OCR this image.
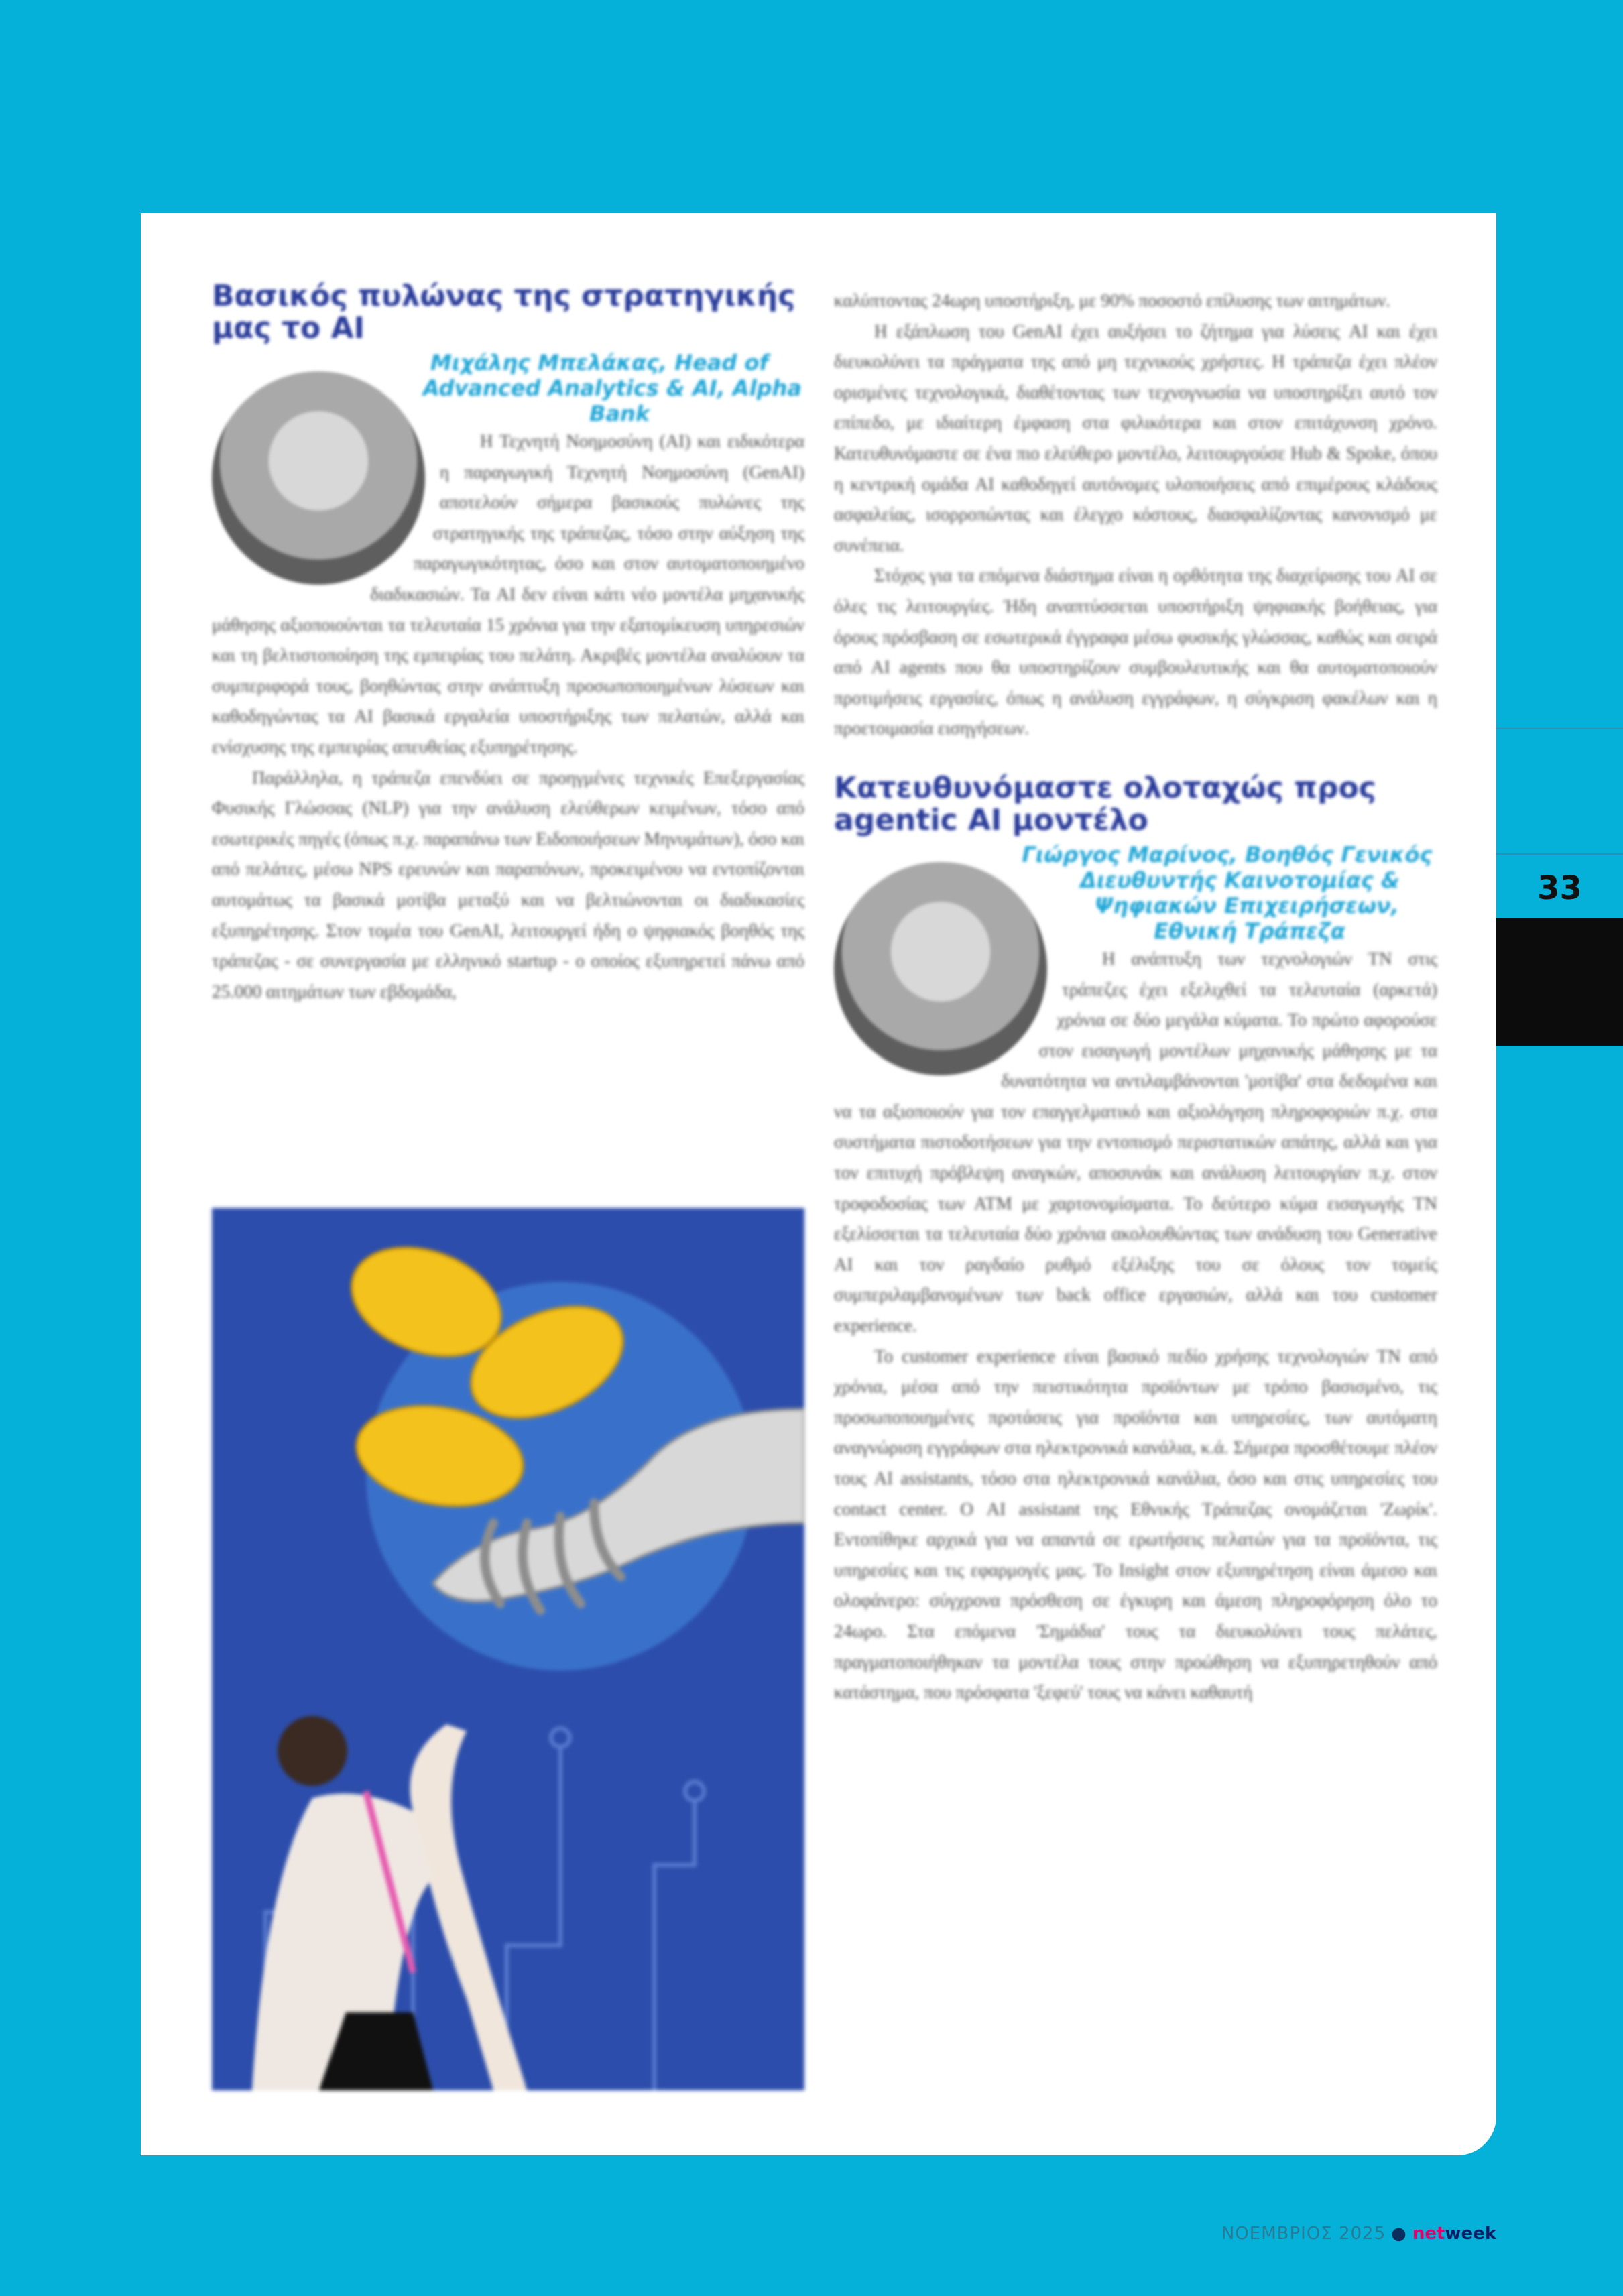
Βασικός πυλώνας της στρατηγικής μας το AI
Μιχάλης Μπελάκας, Head of Advanced Analytics & AI, Alpha Bank

Η Τεχνητή Νοημοσύνη (AI) και ειδικότερα η παραγωγική Τεχνητή Νοημοσύνη (GenAI) αποτελούν σήμερα βασικούς πυλώνες της στρατηγικής της τράπεζας, τόσο στην αύξηση της παραγωγικότητας, όσο και στον αυτοματοποιημένο διαδικασιών. Τα AI δεν είναι κάτι νέο μοντέλα μηχανικής μάθησης αξιοποιούνται τα τελευταία 15 χρόνια για την εξατομίκευση υπηρεσιών και τη βελτιστοποίηση της εμπειρίας του πελάτη. Ακριβές μοντέλα αναλύουν τα συμπεριφορά τους, βοηθώντας στην ανάπτυξη προσωποποιημένων λύσεων και καθοδηγώντας τα AI βασικά εργαλεία υποστήριξης των πελατών, αλλά και ενίσχυσης της εμπειρίας απευθείας εξυπηρέτησης.

Παράλληλα, η τράπεζα επενδύει σε προηγμένες τεχνικές Επεξεργασίας Φυσικής Γλώσσας (NLP) για την ανάλυση ελεύθερων κειμένων, τόσο από εσωτερικές πηγές (όπως π.χ. παραπάνω των Ειδοποιήσεων Μηνυμάτων), όσο και από πελάτες, μέσω NPS ερευνών και παραπόνων, προκειμένου να εντοπίζονται αυτομάτως τα βασικά μοτίβα μεταξύ και να βελτιώνονται οι διαδικασίες εξυπηρέτησης. Στον τομέα του GenAI, λειτουργεί ήδη ο ψηφιακός βοηθός της τράπεζας - σε συνεργασία με ελληνικό startup - ο οποίος εξυπηρετεί πάνω από 25.000 αιτημάτων των εβδομάδα,

καλύπτοντας 24ωρη υποστήριξη, με 90% ποσοστό επίλυσης των αιτημάτων.

Η εξάπλωση του GenAI έχει αυξήσει το ζήτημα για λύσεις AI και έχει διευκολύνει τα πράγματα της από μη τεχνικούς χρήστες. Η τράπεζα έχει πλέον ορισμένες τεχνολογικά, διαθέτοντας των τεχνογνωσία να υποστηρίξει αυτό τον επίπεδο, με ιδιαίτερη έμφαση στα φιλικότερα και στον επιτάχυνση χρόνο. Κατευθυνόμαστε σε ένα πιο ελεύθερο μοντέλο, λειτουργούσε Hub & Spoke, όπου η κεντρική ομάδα AI καθοδηγεί αυτόνομες υλοποιήσεις από επιμέρους κλάδους ασφαλείας, ισορροπώντας και έλεγχο κόστους, διασφαλίζοντας κανονισμό με συνέπεια.

Στόχος για τα επόμενα διάστημα είναι η ορθότητα της διαχείρισης του AI σε όλες τις λειτουργίες. Ήδη αναπτύσσεται υποστήριξη ψηφιακής βοήθειας, για όρους πρόσβαση σε εσωτερικά έγγραφα μέσω φυσικής γλώσσας, καθώς και σειρά από AI agents που θα υποστηρίζουν συμβουλευτικής και θα αυτοματοποιούν προτιμήσεις εργασίες, όπως η ανάλυση εγγράφων, η σύγκριση φακέλων και η προετοιμασία εισηγήσεων.

Κατευθυνόμαστε ολοταχώς προς agentic AI μοντέλο
Γιώργος Μαρίνος, Βοηθός Γενικός Διευθυντής Καινοτομίας & Ψηφιακών Επιχειρήσεων, Εθνική Τράπεζα

Η ανάπτυξη των τεχνολογιών ΤΝ στις τράπεζες έχει εξελιχθεί τα τελευταία (αρκετά) χρόνια σε δύο μεγάλα κύματα. Το πρώτο αφορούσε στον εισαγωγή μοντέλων μηχανικής μάθησης με τα δυνατότητα να αντιλαμβάνονται 'μοτίβα' στα δεδομένα και να τα αξιοποιούν για τον επαγγελματικό και αξιολόγηση πληροφοριών π.χ. στα συστήματα πιστοδοτήσεων για την εντοπισμό περιστατικών απάτης, αλλά και για τον επιτυχή πρόβλεψη αναγκών, αποσυνάκ και ανάλυση λειτουργίαν π.χ. στον τροφοδοσίας των ΑΤΜ με χαρτονομίσματα. Το δεύτερο κύμα εισαγωγής ΤΝ εξελίσσεται τα τελευταία δύο χρόνια ακολουθώντας των ανάδυση του Generative AI και τον ραγδαίο ρυθμό εξέλιξης του σε όλους τον τομείς συμπεριλαμβανομένων των back office εργασιών, αλλά και του customer experience.

Το customer experience είναι βασικό πεδίο χρήσης τεχνολογιών ΤΝ από χρόνια, μέσα από την πειστικότητα προϊόντων με τρόπο βασισμένο, τις προσωποποιημένες προτάσεις για προϊόντα και υπηρεσίες, των αυτόματη αναγνώριση εγγράφων στα ηλεκτρονικά κανάλια, κ.ά. Σήμερα προσθέτουμε πλέον τους AI assistants, τόσο στα ηλεκτρονικά κανάλια, όσο και στις υπηρεσίες του contact center. Ο AI assistant της Εθνικής Τράπεζας ονομάζεται 'Ζωρίκ'. Εντοπίθηκε αρχικά για να απαντά σε ερωτήσεις πελατών για τα προϊόντα, τις υπηρεσίες και τις εφαρμογές μας. Το Insight στον εξυπηρέτηση είναι άμεσο και ολοφάνερο: σύγχρονα πρόσθεση σε έγκυρη και άμεση πληροφόρηση όλο το 24ωρο. Στα επόμενα 'Σημάδια' τους τα διευκολύνει τους πελάτες, πραγματοποιήθηκαν τα μοντέλα τους στην προώθηση να εξυπηρετηθούν από κατάστημα, που πρόσφατα 'ξεφεύ' τους να κάνει καθαυτή

33
ΝΟΕΜΒΡΙΟΣ 2025 ● netweek
